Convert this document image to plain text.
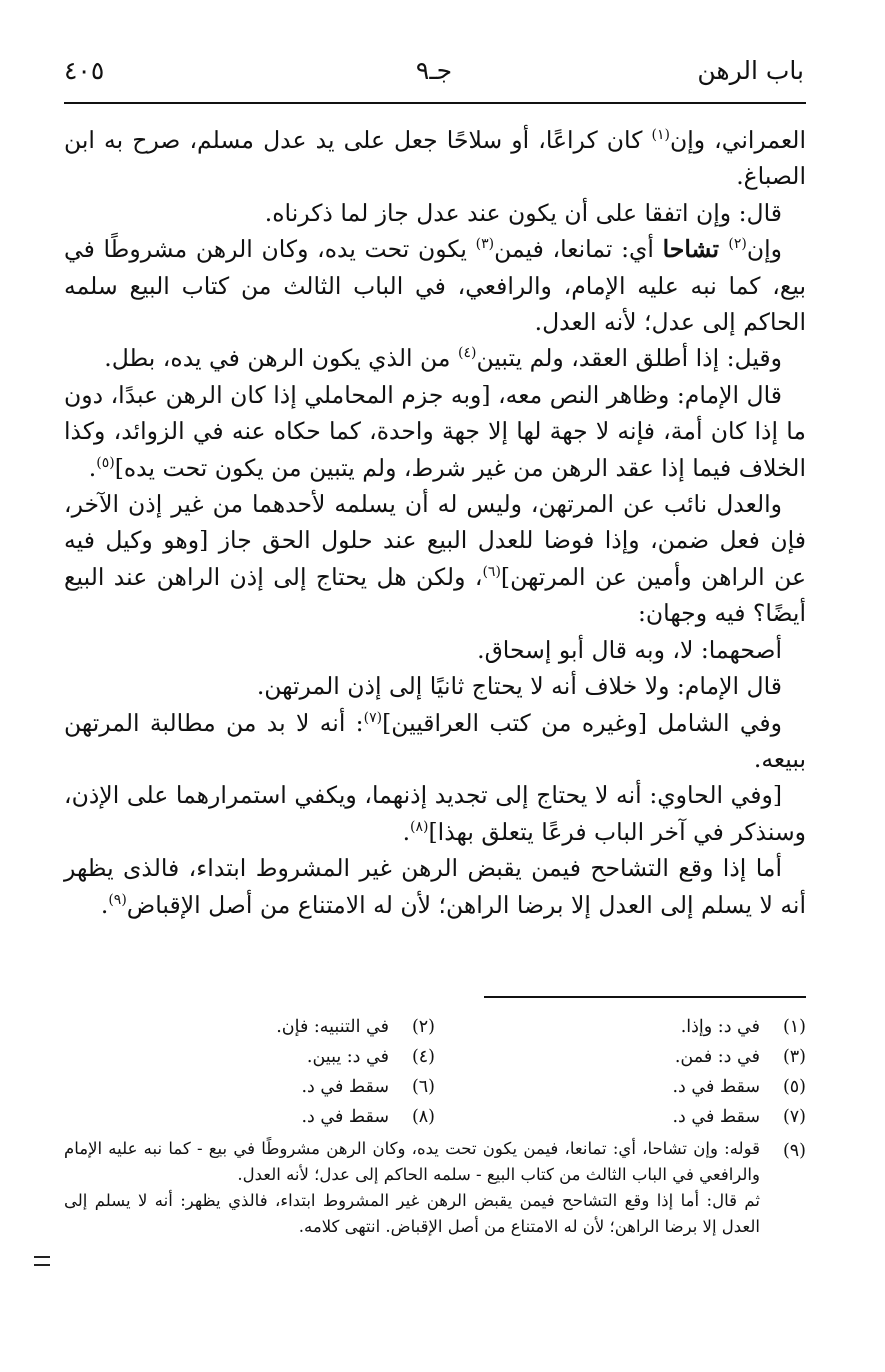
باب الرهن
جـ٩
٤٠٥

العمراني، وإن$^{(١)}$ كان كراعًا، أو سلاحًا جعل على يد عدل مسلم، صرح به ابن الصباغ.

قال: وإن اتفقا على أن يكون عند عدل جاز لما ذكرناه.

وإن$^{(٢)}$ تشاحا أي: تمانعا، فيمن$^{(٣)}$ يكون تحت يده، وكان الرهن مشروطًا في بيع، كما نبه عليه الإمام، والرافعي، في الباب الثالث من كتاب البيع سلمه الحاكم إلى عدل؛ لأنه العدل.

وقيل: إذا أطلق العقد، ولم يتبين$^{(٤)}$ من الذي يكون الرهن في يده، بطل.

قال الإمام: وظاهر النص معه، [وبه جزم المحاملي إذا كان الرهن عبدًا، دون ما إذا كان أمة، فإنه لا جهة لها إلا جهة واحدة، كما حكاه عنه في الزوائد، وكذا الخلاف فيما إذا عقد الرهن من غير شرط، ولم يتبين من يكون تحت يده]$^{(٥)}$.

والعدل نائب عن المرتهن، وليس له أن يسلمه لأحدهما من غير إذن الآخر، فإن فعل ضمن، وإذا فوضا للعدل البيع عند حلول الحق جاز [وهو وكيل فيه عن الراهن وأمين عن المرتهن]$^{(٦)}$، ولكن هل يحتاج إلى إذن الراهن عند البيع أيضًا؟ فيه وجهان:

أصحهما: لا، وبه قال أبو إسحاق.

قال الإمام: ولا خلاف أنه لا يحتاج ثانيًا إلى إذن المرتهن.

وفي الشامل [وغيره من كتب العراقيين]$^{(٧)}$: أنه لا بد من مطالبة المرتهن ببيعه.

[وفي الحاوي: أنه لا يحتاج إلى تجديد إذنهما، ويكفي استمرارهما على الإذن، وسنذكر في آخر الباب فرعًا يتعلق بهذا]$^{(٨)}$.

أما إذا وقع التشاحح فيمن يقبض الرهن غير المشروط ابتداء، فالذى يظهر أنه لا يسلم إلى العدل إلا برضا الراهن؛ لأن له الامتناع من أصل الإقباض$^{(٩)}$.

(١)
في د: وإذا.
(٢)
في التنبيه: فإن.
(٣)
في د: فمن.
(٤)
في د: يبين.
(٥)
سقط في د.
(٦)
سقط في د.
(٧)
سقط في د.
(٨)
سقط في د.
(٩)

قوله: وإن تشاحا، أي: تمانعا، فيمن يكون تحت يده، وكان الرهن مشروطًا في بيع - كما نبه عليه الإمام والرافعي في الباب الثالث من كتاب البيع - سلمه الحاكم إلى عدل؛ لأنه العدل.

ثم قال: أما إذا وقع التشاحح فيمن يقبض الرهن غير المشروط ابتداء، فالذي يظهر: أنه لا يسلم إلى العدل إلا برضا الراهن؛ لأن له الامتناع من أصل الإقباض. انتهى كلامه.
